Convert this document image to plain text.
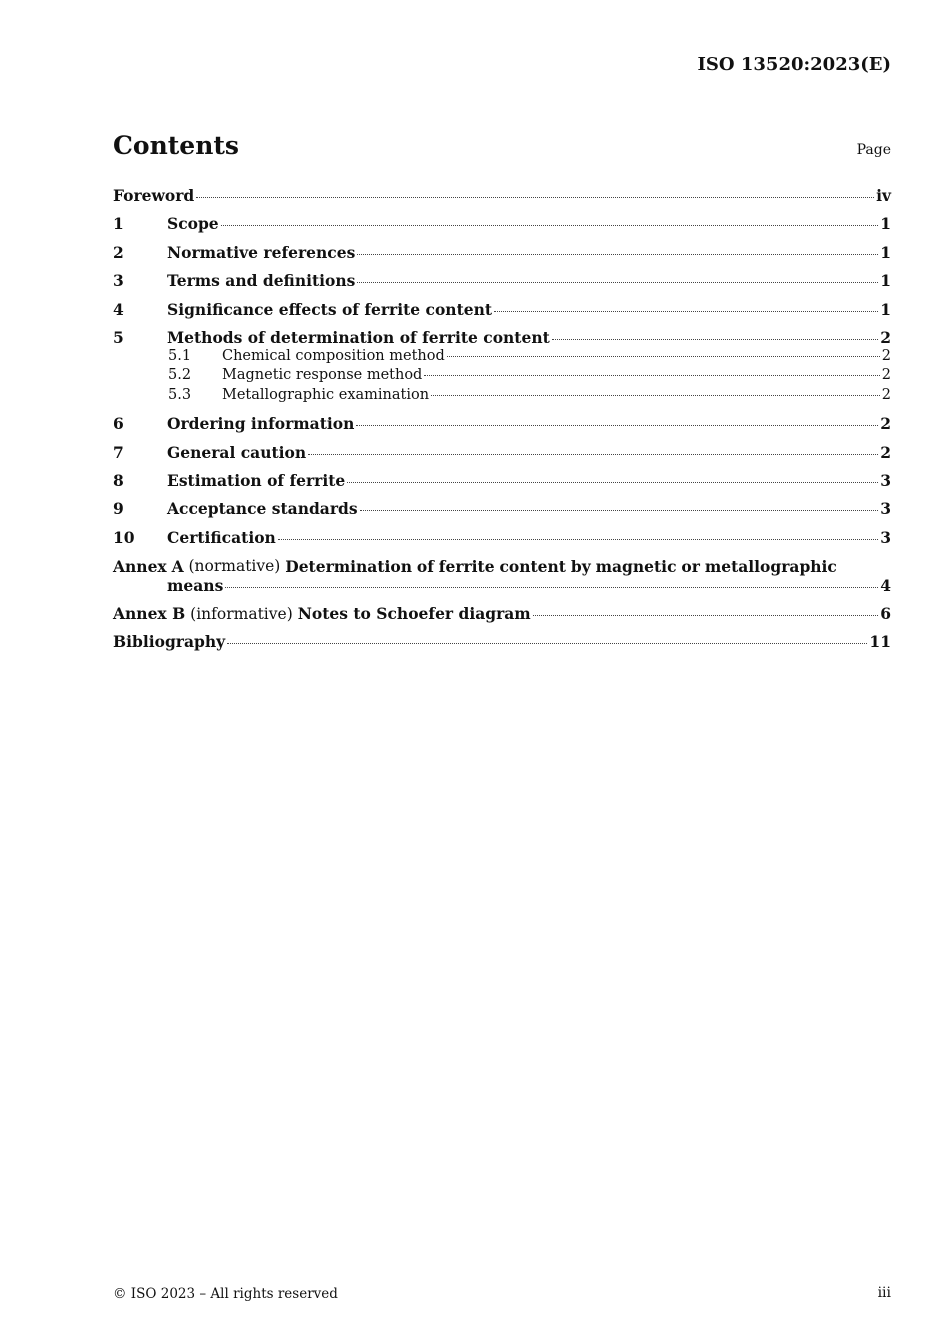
ISO 13520:2023(E)
Contents	Page
Foreword	iv
1	Scope	1
2	Normative references	1
3	Terms and definitions	1
4	Significance effects of ferrite content	1
5	Methods of determination of ferrite content	2
5.1	Chemical composition method	2
5.2	Magnetic response method	2
5.3	Metallographic examination	2
6	Ordering information	2
7	General caution	2
8	Estimation of ferrite	3
9	Acceptance standards	3
10	Certification	3
Annex A (normative) Determination of ferrite content by magnetic or metallographic
means	4
Annex B (informative) Notes to Schoefer diagram	6
Bibliography	11
© ISO 2023 – All rights reserved	iii
